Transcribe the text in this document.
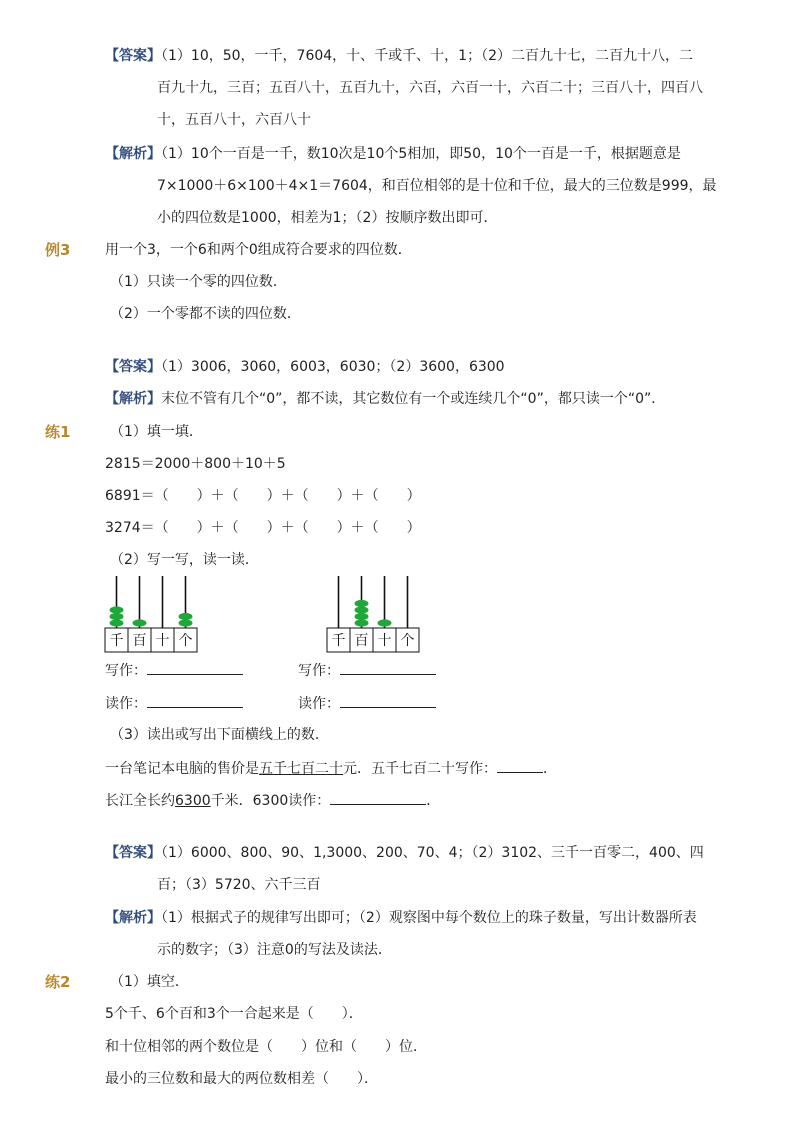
【答案】（1）10，50，一千，7604，十、千或千、十，1；（2）二百九十七，二百九十八，二
百九十九，三百；五百八十，五百九十，六百，六百一十，六百二十；三百八十，四百八
十，五百八十，六百八十
【解析】（1）10个一百是一千，数10次是10个5相加，即50，10个一百是一千，根据题意是
7×1000＋6×100＋4×1＝7604，和百位相邻的是十位和千位，最大的三位数是999，最
小的四位数是1000，相差为1；（2）按顺序数出即可．
例3 用一个3，一个6和两个0组成符合要求的四位数．
（1）只读一个零的四位数．
（2）一个零都不读的四位数．
【答案】（1）3006，3060，6003，6030；（2）3600，6300
【解析】末位不管有几个“0”，都不读，其它数位有一个或连续几个“0”，都只读一个“0”．
练1	（1）填一填．
2815＝2000＋800＋10＋5
6891＝（　　）＋（　　）＋（　　）＋（　　）
3274＝（　　）＋（　　）＋（　　）＋（　　）
（2）写一写，读一读．
千 百 十 个	千 百 十 个
写作：	写作：
读作：	读作：
（3）读出或写出下面横线上的数．
一台笔记本电脑的售价是五千七百二十元．五千七百二十写作：	．
长江全长约6300千米．6300读作：	．
【答案】（1）6000、800、90、1,3000、200、70、4；（2）3102、三千一百零二，400、四
百；（3）5720、六千三百
【解析】（1）根据式子的规律写出即可；（2）观察图中每个数位上的珠子数量，写出计数器所表
示的数字；（3）注意0的写法及读法．
练2	（1）填空．
5个千、6个百和3个一合起来是（　　）．
和十位相邻的两个数位是（　　）位和（　　）位．
最小的三位数和最大的两位数相差（　　）．
